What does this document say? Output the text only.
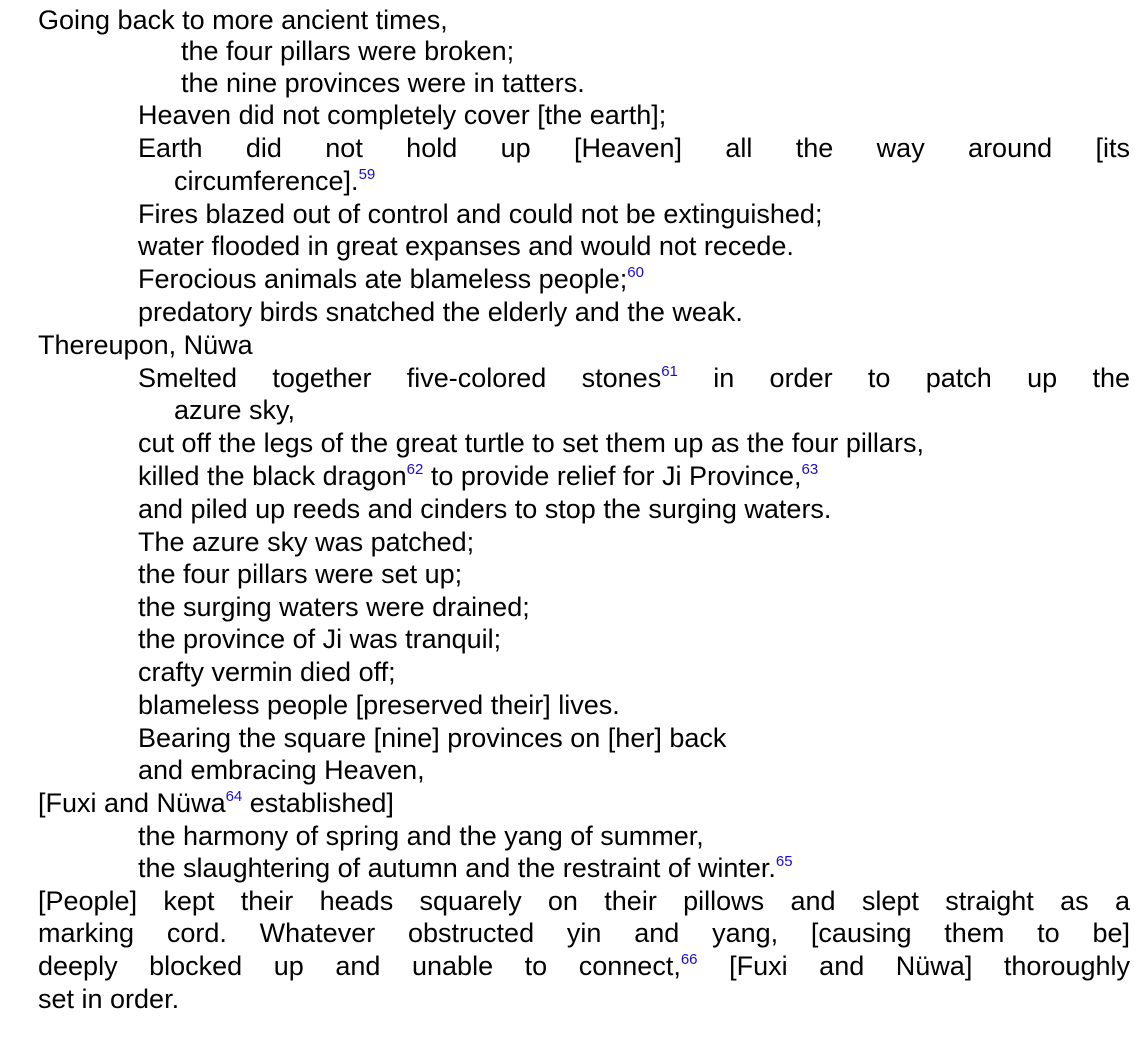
Going back to more ancient times,
the four pillars were broken;
the nine provinces were in tatters.
Heaven did not completely cover [the earth];
Earth did not hold up [Heaven] all the way around [its
circumference].$^{59}$
Fires blazed out of control and could not be extinguished;
water flooded in great expanses and would not recede.
Ferocious animals ate blameless people;$^{60}$
predatory birds snatched the elderly and the weak.
Thereupon, Nüwa
Smelted together five-colored stones$^{61}$ in order to patch up the
azure sky,
cut off the legs of the great turtle to set them up as the four pillars,
killed the black dragon$^{62}$ to provide relief for Ji Province,$^{63}$
and piled up reeds and cinders to stop the surging waters.
The azure sky was patched;
the four pillars were set up;
the surging waters were drained;
the province of Ji was tranquil;
crafty vermin died off;
blameless people [preserved their] lives.
Bearing the square [nine] provinces on [her] back
and embracing Heaven,
[Fuxi and Nüwa$^{64}$ established]
the harmony of spring and the yang of summer,
the slaughtering of autumn and the restraint of winter.$^{65}$
[People] kept their heads squarely on their pillows and slept straight as a
marking cord. Whatever obstructed yin and yang, [causing them to be]
deeply blocked up and unable to connect,$^{66}$ [Fuxi and Nüwa] thoroughly
set in order.
